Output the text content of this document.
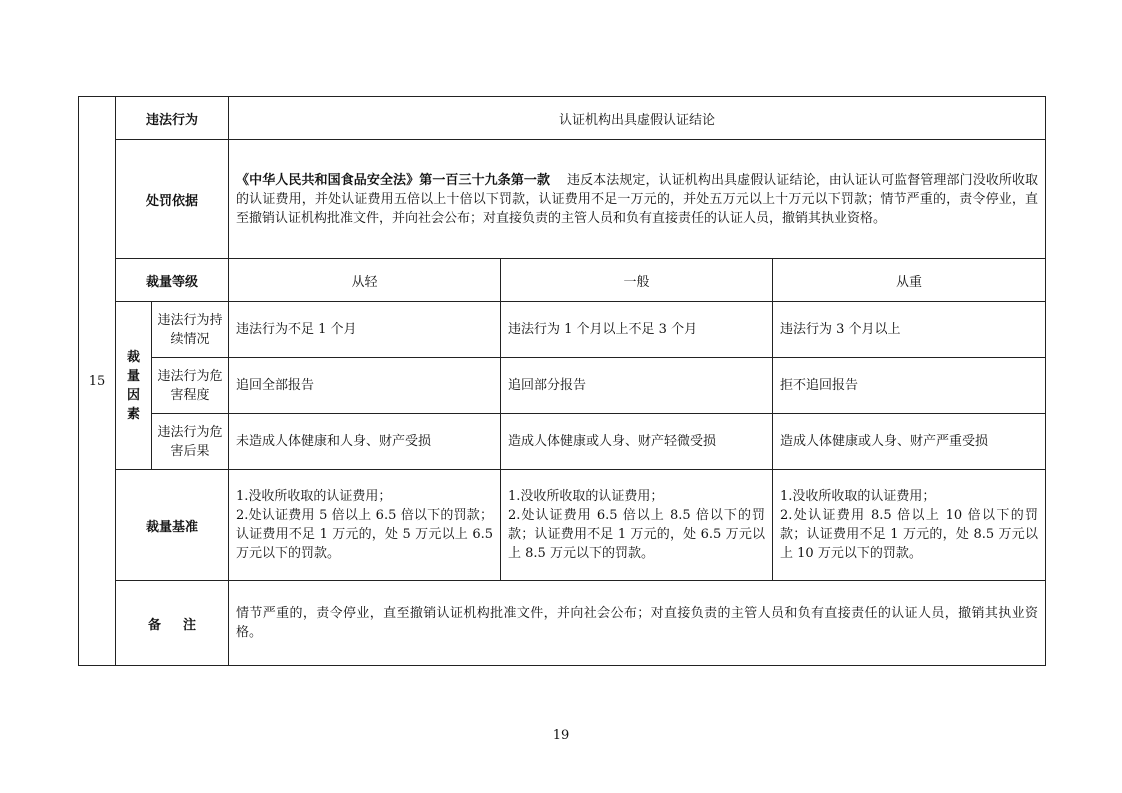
15	违法行为		认证机构出具虚假认证结论		
	处罚依据		《中华人民共和国食品安全法》第一百三十九条第一款 违反本法规定，认证机构出具虚假认证结论，由认证认可监督管理部门没收所收取的认证费用，并处认证费用五倍以上十倍以下罚款，认证费用不足一万元的，并处五万元以上十万元以下罚款；情节严重的，责令停业，直至撤销认证机构批准文件，并向社会公布；对直接负责的主管人员和负有直接责任的认证人员，撤销其执业资格。		
	裁量等级		从轻	一般	从重

	裁量因素	违法行为持续情况	违法行为不足 1 个月	违法行为 1 个月以上不足 3 个月	违法行为 3 个月以上
		违法行为危害程度	追回全部报告	追回部分报告	拒不追回报告
		违法行为危害后果	未造成人体健康和人身、财产受损	造成人体健康或人身、财产轻微受损	造成人体健康或人身、财产严重受损
	裁量基准		1.没收所收取的认证费用；
2.处认证费用 5 倍以上 6.5 倍以下的罚款；认证费用不足 1 万元的，处 5 万元以上 6.5 万元以下的罚款。	1.没收所收取的认证费用；
2.处认证费用 6.5 倍以上 8.5 倍以下的罚款；认证费用不足 1 万元的，处 6.5 万元以上 8.5 万元以下的罚款。	1.没收所收取的认证费用；
2.处认证费用 8.5 倍以上 10 倍以下的罚款；认证费用不足 1 万元的，处 8.5 万元以上 10 万元以下的罚款。
	备注		情节严重的，责令停业，直至撤销认证机构批准文件，并向社会公布；对直接负责的主管人员和负有直接责任的认证人员，撤销其执业资格。		
19
